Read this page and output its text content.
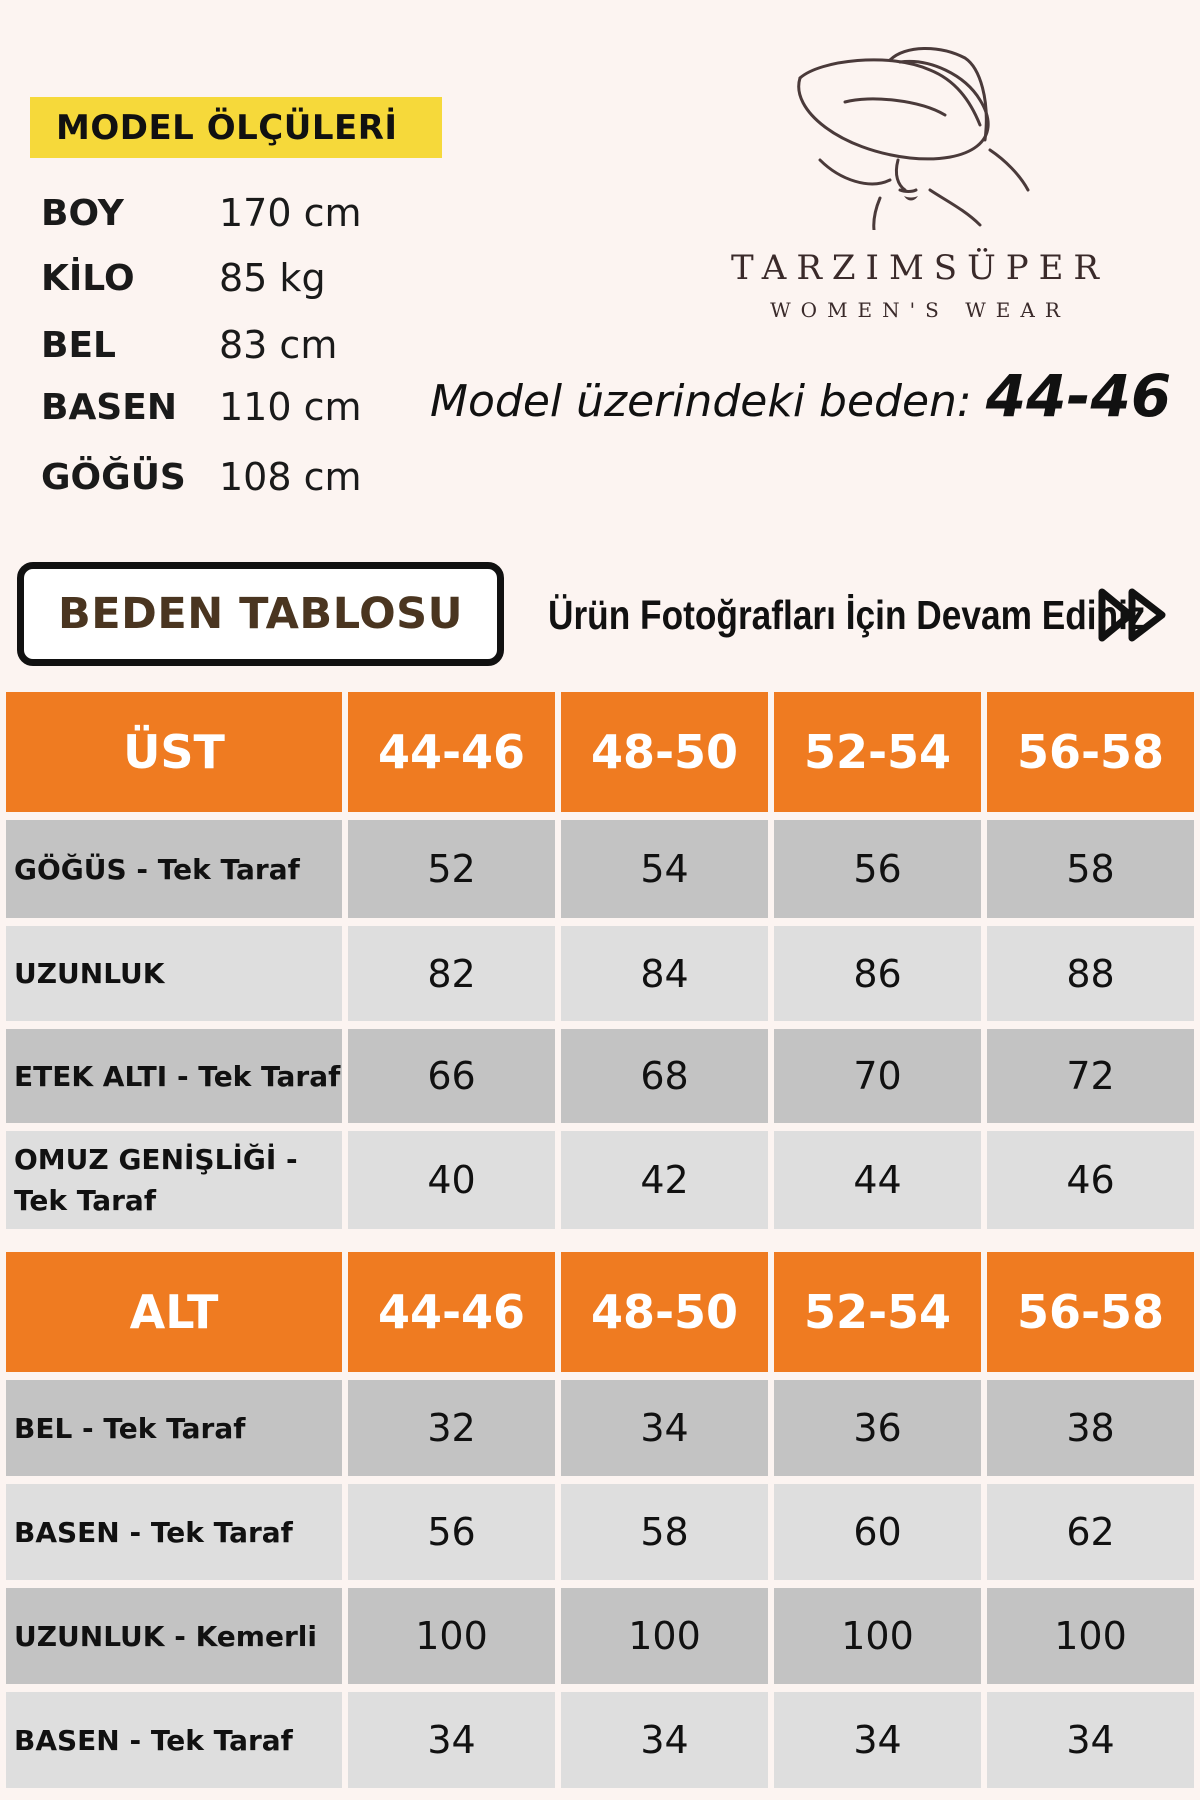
MODEL ÖLÇÜLERİ
BOY	170 cm
KİLO	85 kg
BEL	83 cm
BASEN	110 cm
GÖĞÜS 108 cm
TARZIMSÜPER
WOMEN'S WEAR
Model üzerindeki beden: 44-46
BEDEN TABLOSU	Ürün Fotoğrafları İçin Devam Ediniz
ÜST	44-46	48-50	52-54	56-58

GÖĞÜS - Tek Taraf	52	54	56	58

UZUNLUK	82	84	86	88

ETEK ALTI - Tek Taraf	66	68	70	72

OMUZ GENİŞLİĞİ - Tek Taraf	40	42	44	46
ALT	44-46	48-50	52-54	56-58

BEL - Tek Taraf	32	34	36	38

BASEN - Tek Taraf	56	58	60	62

UZUNLUK - Kemerli	100	100	100	100

BASEN - Tek Taraf	34	34	34	34
